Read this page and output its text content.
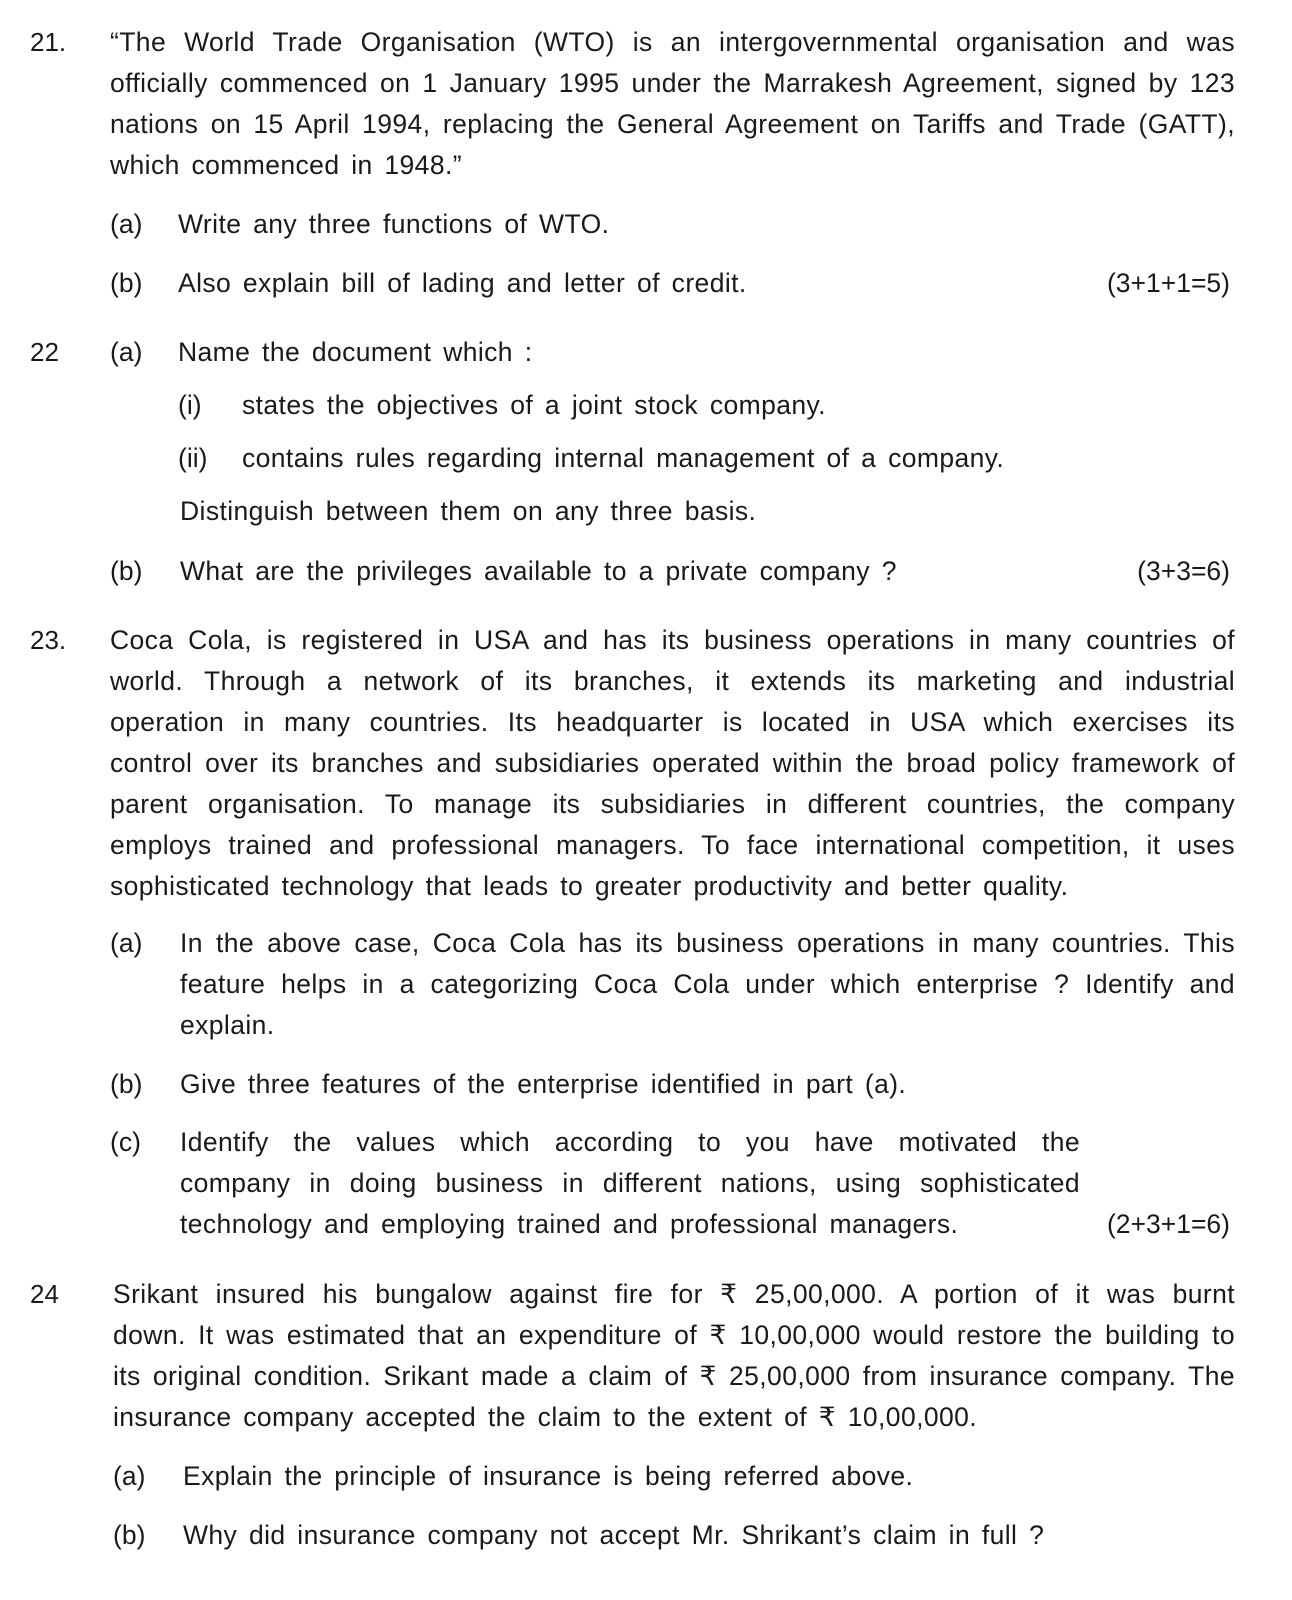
21. “The World Trade Organisation (WTO) is an intergovernmental organisation and was officially commenced on 1 January 1995 under the Marrakesh Agreement, signed by 123 nations on 15 April 1994, replacing the General Agreement on Tariffs and Trade (GATT), which commenced in 1948.”

(a) Write any three functions of WTO.
(b) Also explain bill of lading and letter of credit.	(3+1+1=5)
22 (a) Name the document which :
(i) states the objectives of a joint stock company.
(ii) contains rules regarding internal management of a company.
Distinguish between them on any three basis.
(b) What are the privileges available to a private company ?	(3+3=6)
23. Coca Cola, is registered in USA and has its business operations in many countries of world. Through a network of its branches, it extends its marketing and industrial operation in many countries. Its headquarter is located in USA which exercises its control over its branches and subsidiaries operated within the broad policy framework of parent organisation. To manage its subsidiaries in different countries, the company employs trained and professional managers. To face international competition, it uses sophisticated technology that leads to greater productivity and better quality.

(a) In the above case, Coca Cola has its business operations in many countries. This feature helps in a categorizing Coca Cola under which enterprise ? Identify and explain.

(b) Give three features of the enterprise identified in part (a).
(c) Identify the values which according to you have motivated the company in doing business in different nations, using sophisticated technology and employing trained and professional managers.	(2+3+1=6)
24 Srikant insured his bungalow against fire for ₹ 25,00,000. A portion of it was burnt down. It was estimated that an expenditure of ₹ 10,00,000 would restore the building to its original condition. Srikant made a claim of ₹ 25,00,000 from insurance company. The insurance company accepted the claim to the extent of ₹ 10,00,000.

(a) Explain the principle of insurance is being referred above.
(b) Why did insurance company not accept Mr. Shrikant’s claim in full ?
